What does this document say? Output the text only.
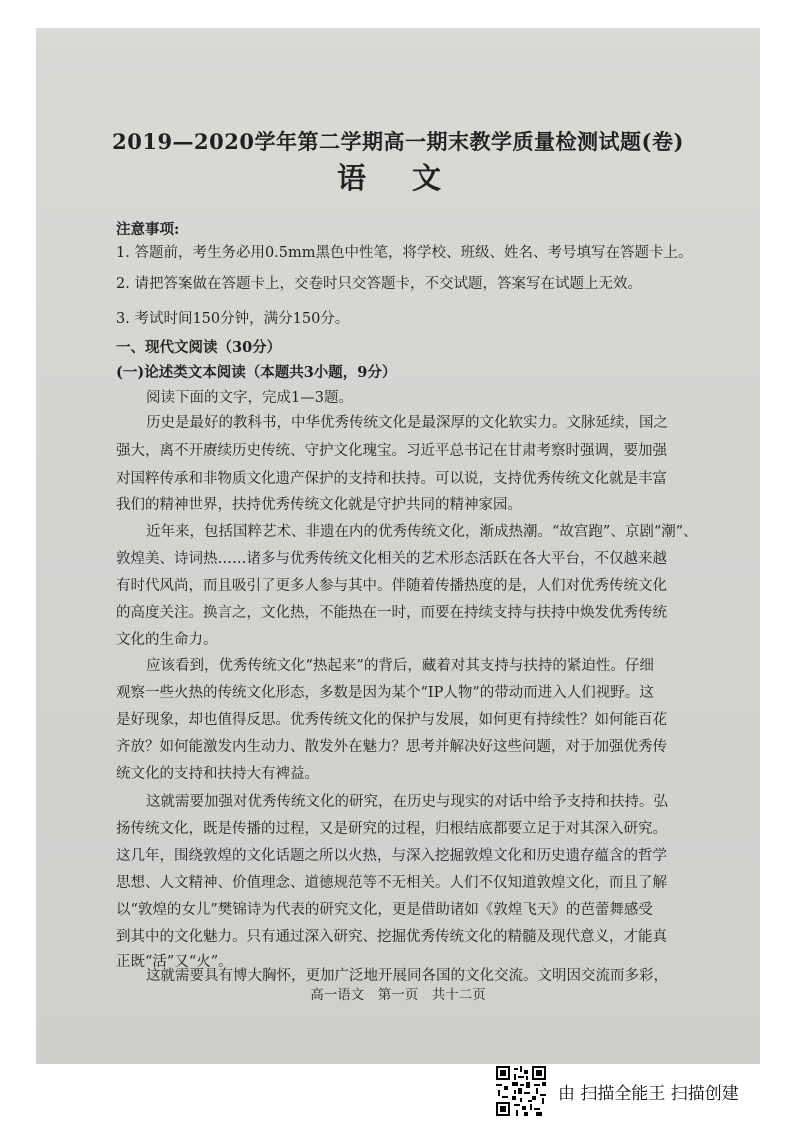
2019—2020学年第二学期高一期末教学质量检测试题(卷)
语 文
注意事项:
1. 答题前，考生务必用0.5mm黑色中性笔，将学校、班级、姓名、考号填写在答题卡上。
2. 请把答案做在答题卡上，交卷时只交答题卡，不交试题，答案写在试题上无效。
3. 考试时间150分钟，满分150分。
一、现代文阅读（30分）
(一)论述类文本阅读（本题共3小题，9分）
阅读下面的文字，完成1—3题。
历史是最好的教科书，中华优秀传统文化是最深厚的文化软实力。文脉延续，国之
强大，离不开赓续历史传统、守护文化瑰宝。习近平总书记在甘肃考察时强调，要加强
对国粹传承和非物质文化遗产保护的支持和扶持。可以说，支持优秀传统文化就是丰富
我们的精神世界，扶持优秀传统文化就是守护共同的精神家园。
近年来，包括国粹艺术、非遗在内的优秀传统文化，渐成热潮。“故宫跑”、京剧“潮”、
敦煌美、诗词热……诸多与优秀传统文化相关的艺术形态活跃在各大平台，不仅越来越
有时代风尚，而且吸引了更多人参与其中。伴随着传播热度的是，人们对优秀传统文化
的高度关注。换言之，文化热，不能热在一时，而要在持续支持与扶持中焕发优秀传统
文化的生命力。
应该看到，优秀传统文化“热起来”的背后，藏着对其支持与扶持的紧迫性。仔细
观察一些火热的传统文化形态，多数是因为某个“IP人物”的带动而进入人们视野。这
是好现象，却也值得反思。优秀传统文化的保护与发展，如何更有持续性？如何能百花
齐放？如何能激发内生动力、散发外在魅力？思考并解决好这些问题，对于加强优秀传
统文化的支持和扶持大有裨益。
这就需要加强对优秀传统文化的研究，在历史与现实的对话中给予支持和扶持。弘
扬传统文化，既是传播的过程，又是研究的过程，归根结底都要立足于对其深入研究。
这几年，围绕敦煌的文化话题之所以火热，与深入挖掘敦煌文化和历史遗存蕴含的哲学
思想、人文精神、价值理念、道德规范等不无相关。人们不仅知道敦煌文化，而且了解
以“敦煌的女儿”樊锦诗为代表的研究文化，更是借助诸如《敦煌飞天》的芭蕾舞感受
到其中的文化魅力。只有通过深入研究、挖掘优秀传统文化的精髓及现代意义，才能真
正既“活”又“火”。
这就需要具有博大胸怀，更加广泛地开展同各国的文化交流。文明因交流而多彩，
高一语文　第一页　共十二页
由 扫描全能王 扫描创建
